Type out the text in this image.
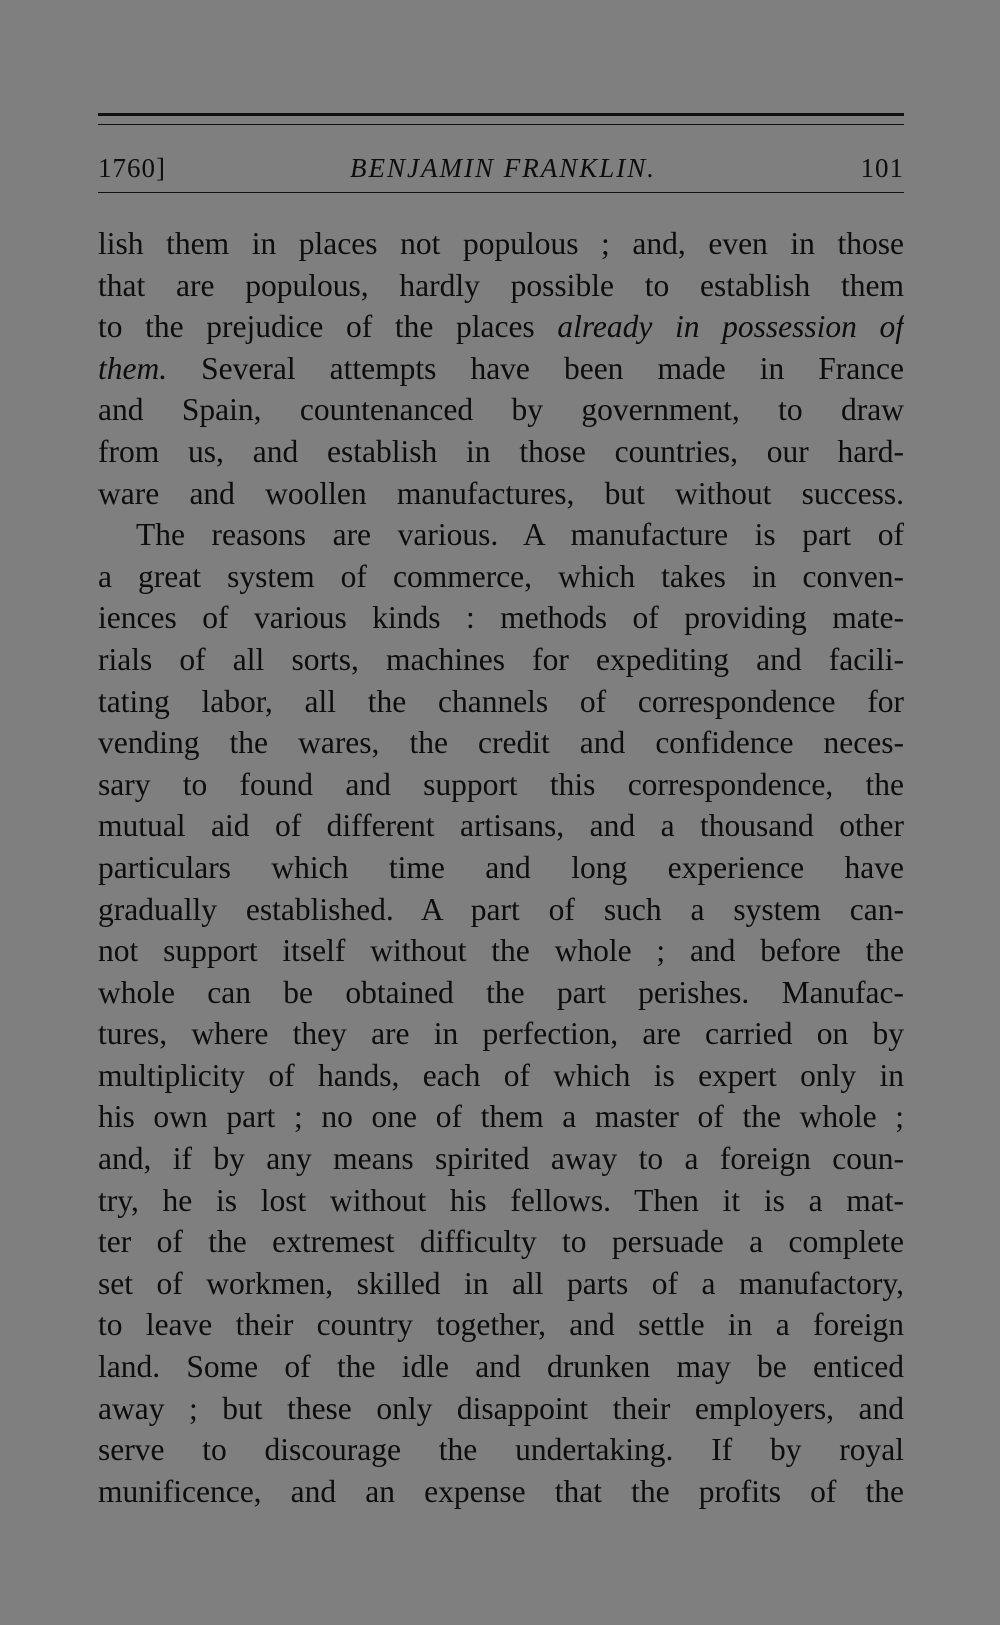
1760]	BENJAMIN FRANKLIN.	101
lish them in places not populous ; and, even in those
that are populous, hardly possible to establish them
to the prejudice of the places already in possession of
them. Several attempts have been made in France
and Spain, countenanced by government, to draw
from us, and establish in those countries, our hard-
ware and woollen manufactures, but without success.
The reasons are various. A manufacture is part of
a great system of commerce, which takes in conven-
iences of various kinds : methods of providing mate-
rials of all sorts, machines for expediting and facili-
tating labor, all the channels of correspondence for
vending the wares, the credit and confidence neces-
sary to found and support this correspondence, the
mutual aid of different artisans, and a thousand other
particulars which time and long experience have
gradually established. A part of such a system can-
not support itself without the whole ; and before the
whole can be obtained the part perishes. Manufac-
tures, where they are in perfection, are carried on by
multiplicity of hands, each of which is expert only in
his own part ; no one of them a master of the whole ;
and, if by any means spirited away to a foreign coun-
try, he is lost without his fellows. Then it is a mat-
ter of the extremest difficulty to persuade a complete
set of workmen, skilled in all parts of a manufactory,
to leave their country together, and settle in a foreign
land. Some of the idle and drunken may be enticed
away ; but these only disappoint their employers, and
serve to discourage the undertaking. If by royal
munificence, and an expense that the profits of the
